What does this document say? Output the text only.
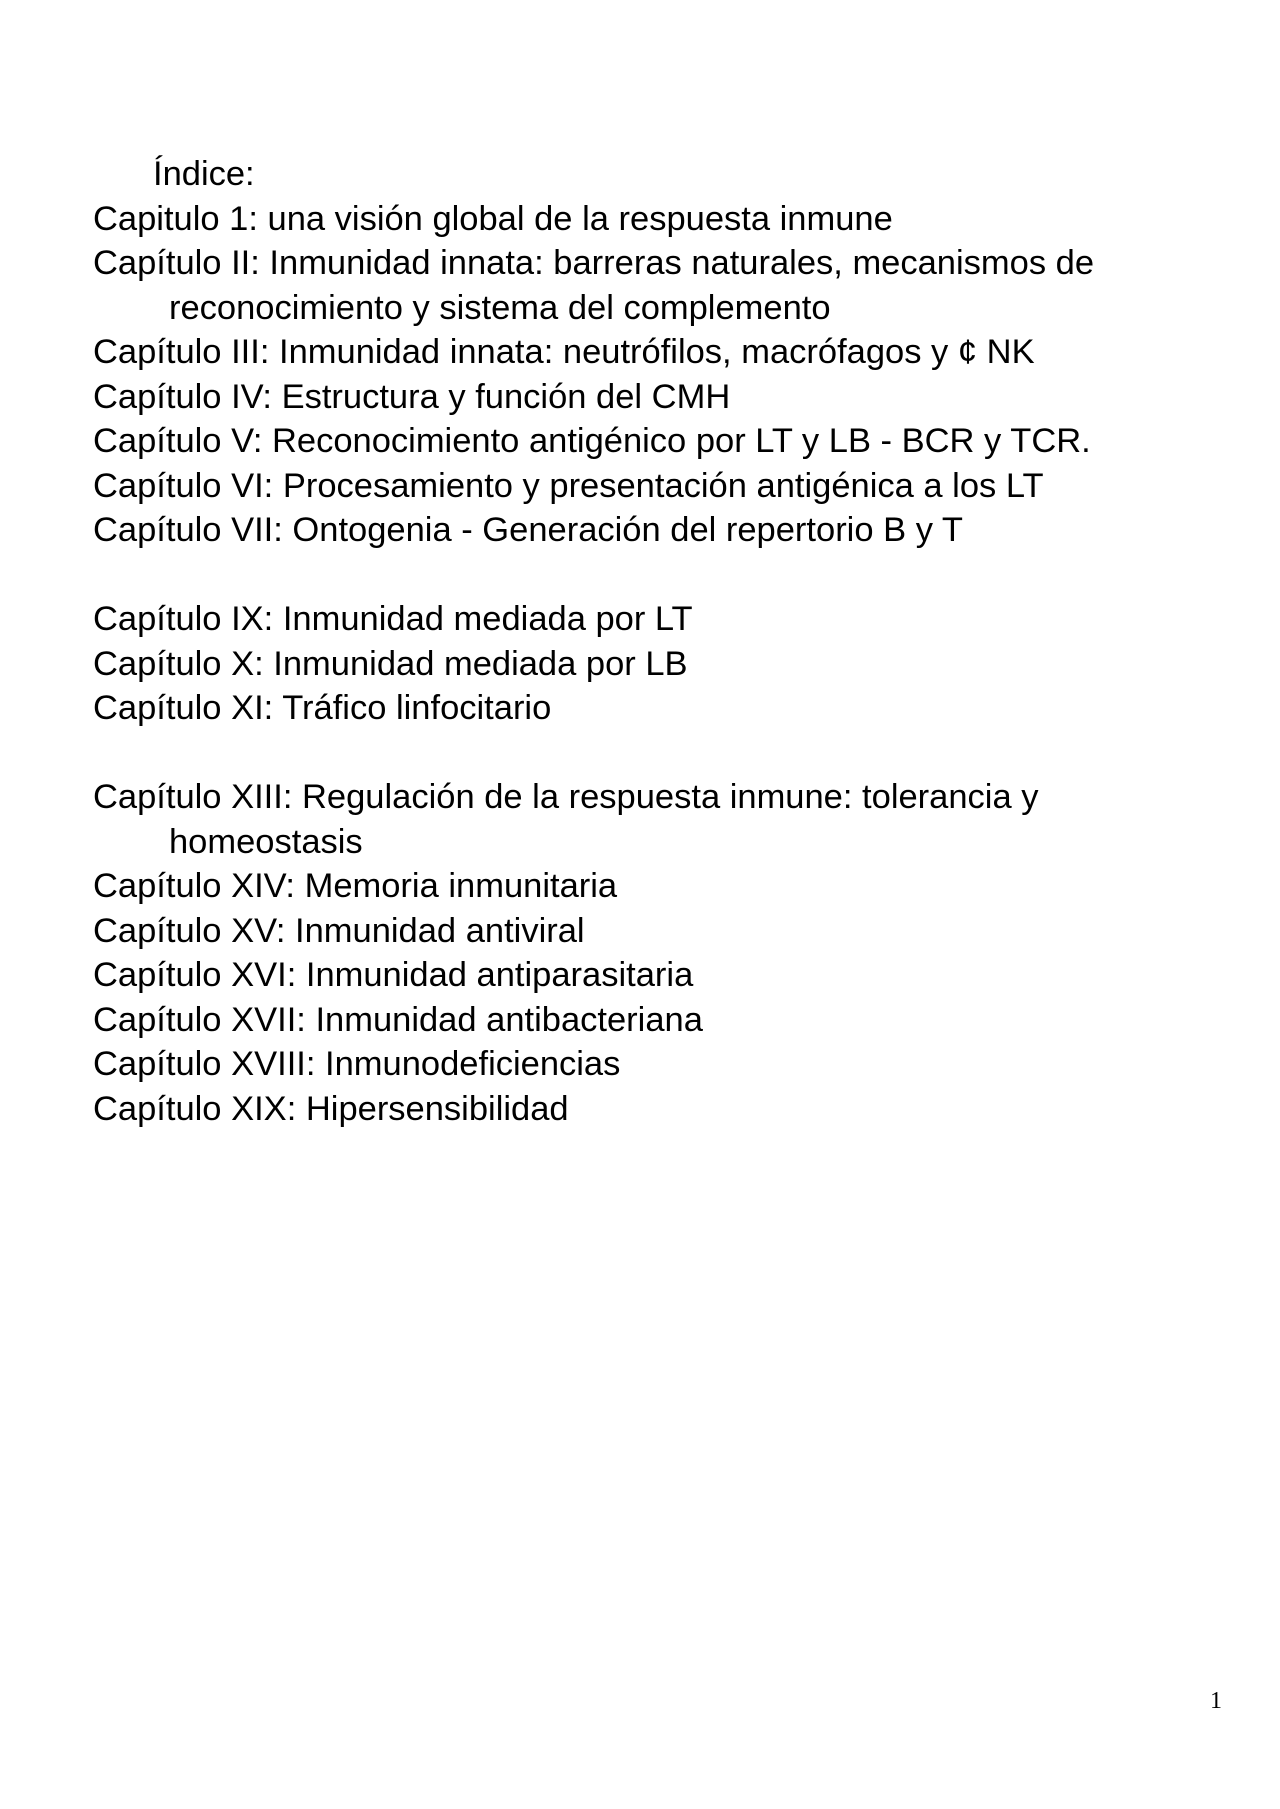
Índice:
Capitulo 1: una visión global de la respuesta inmune
Capítulo II: Inmunidad innata: barreras naturales, mecanismos de reconocimiento y sistema del complemento
Capítulo III: Inmunidad innata: neutrófilos, macrófagos y ¢ NK
Capítulo IV: Estructura y función del CMH
Capítulo V: Reconocimiento antigénico por LT y LB - BCR y TCR.
Capítulo VI: Procesamiento y presentación antigénica a los LT
Capítulo VII: Ontogenia - Generación del repertorio B y T
Capítulo IX: Inmunidad mediada por LT
Capítulo X: Inmunidad mediada por LB
Capítulo XI: Tráfico linfocitario
Capítulo XIII: Regulación de la respuesta inmune: tolerancia y homeostasis
Capítulo XIV: Memoria inmunitaria
Capítulo XV: Inmunidad antiviral
Capítulo XVI: Inmunidad antiparasitaria
Capítulo XVII: Inmunidad antibacteriana
Capítulo XVIII: Inmunodeficiencias
Capítulo XIX: Hipersensibilidad
1
